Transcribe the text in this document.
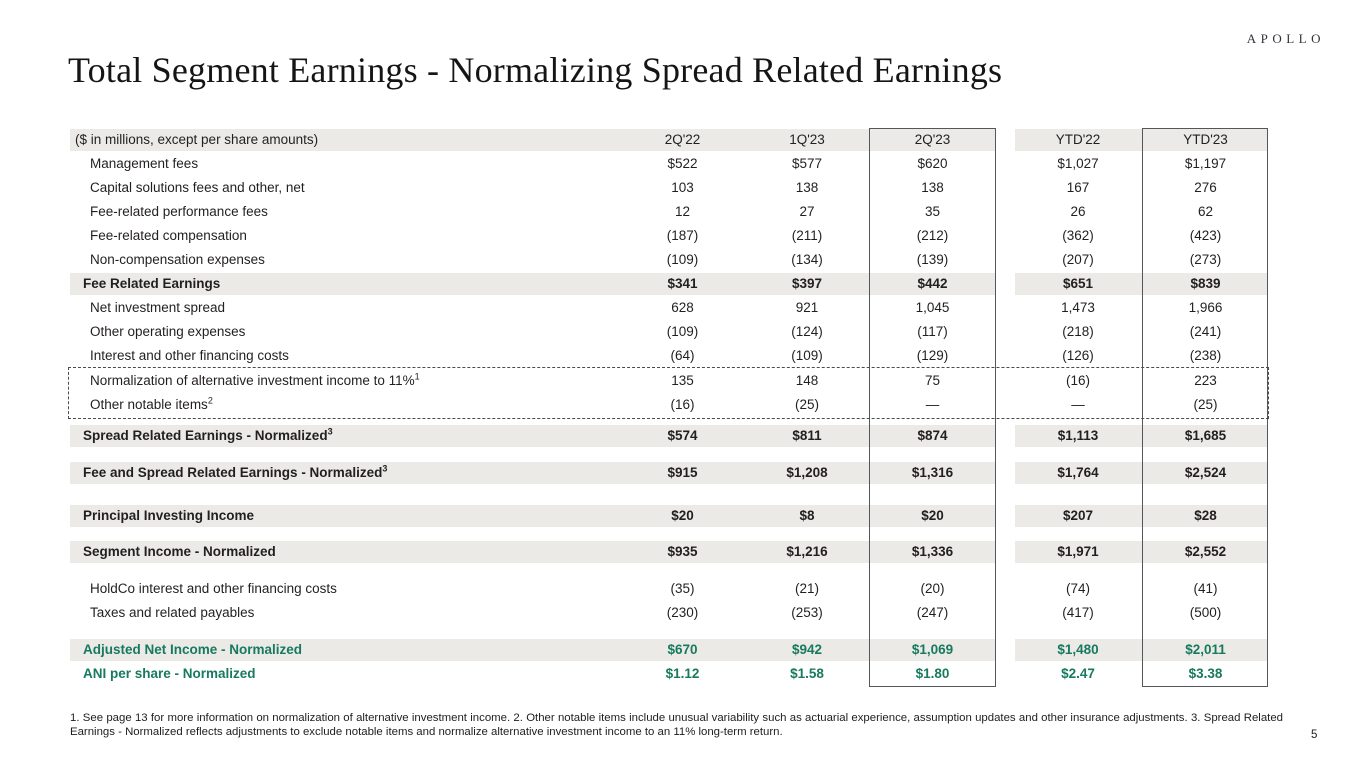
APOLLO
Total Segment Earnings - Normalizing Spread Related Earnings
($ in millions, except per share amounts)	2Q'22	1Q'23	2Q'23	YTD'22	YTD'23
Management fees	$522	$577	$620	$1,027	$1,197
Capital solutions fees and other, net	103	138	138	167	276
Fee-related performance fees	12	27	35	26	62
Fee-related compensation	(187)	(211)	(212)	(362)	(423)
Non-compensation expenses	(109)	(134)	(139)	(207)	(273)
Fee Related Earnings	$341	$397	$442	$651	$839
Net investment spread	628	921	1,045	1,473	1,966
Other operating expenses	(109)	(124)	(117)	(218)	(241)
Interest and other financing costs	(64)	(109)	(129)	(126)	(238)
Normalization of alternative investment income to 11%$^1$	135	148	75	(16)	223
Other notable items$^2$	(16)	(25)	—	—	(25)
Spread Related Earnings - Normalized$^3$	$574	$811	$874	$1,113	$1,685
Fee and Spread Related Earnings - Normalized$^3$	$915	$1,208	$1,316	$1,764	$2,524
Principal Investing Income	$20	$8	$20	$207	$28
Segment Income - Normalized	$935	$1,216	$1,336	$1,971	$2,552
HoldCo interest and other financing costs	(35)	(21)	(20)	(74)	(41)
Taxes and related payables	(230)	(253)	(247)	(417)	(500)
Adjusted Net Income - Normalized	$670	$942	$1,069	$1,480	$2,011
ANI per share - Normalized	$1.12	$1.58	$1.80	$2.47	$3.38
1. See page 13 for more information on normalization of alternative investment income. 2. Other notable items include unusual variability such as actuarial experience, assumption updates and other insurance adjustments. 3. Spread Related Earnings - Normalized reflects adjustments to exclude notable items and normalize alternative investment income to an 11% long-term return.	5
